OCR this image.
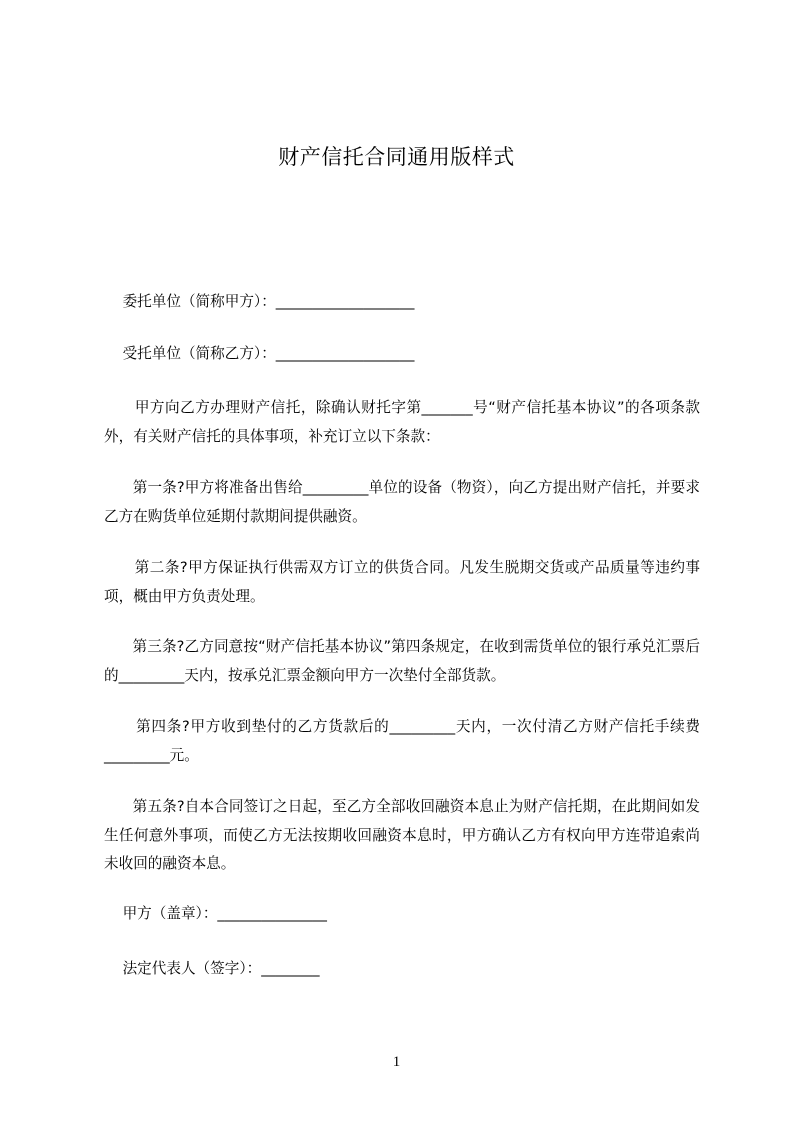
财产信托合同通用版样式
委托单位（简称甲方）：___________________
受托单位（简称乙方）：___________________
甲方向乙方办理财产信托，除确认财托字第_______号“财产信托基本协议”的各项条款外，有关财产信托的具体事项，补充订立以下条款：
第一条?甲方将准备出售给_________单位的设备（物资），向乙方提出财产信托，并要求乙方在购货单位延期付款期间提供融资。
第二条?甲方保证执行供需双方订立的供货合同。凡发生脱期交货或产品质量等违约事项，概由甲方负责处理。
第三条?乙方同意按“财产信托基本协议”第四条规定，在收到需货单位的银行承兑汇票后的_________天内，按承兑汇票金额向甲方一次垫付全部货款。
第四条?甲方收到垫付的乙方货款后的_________天内，一次付清乙方财产信托手续费_________元。
第五条?自本合同签订之日起，至乙方全部收回融资本息止为财产信托期，在此期间如发生任何意外事项，而使乙方无法按期收回融资本息时，甲方确认乙方有权向甲方连带追索尚未收回的融资本息。
甲方（盖章）：_______________
法定代表人（签字）：________
1
